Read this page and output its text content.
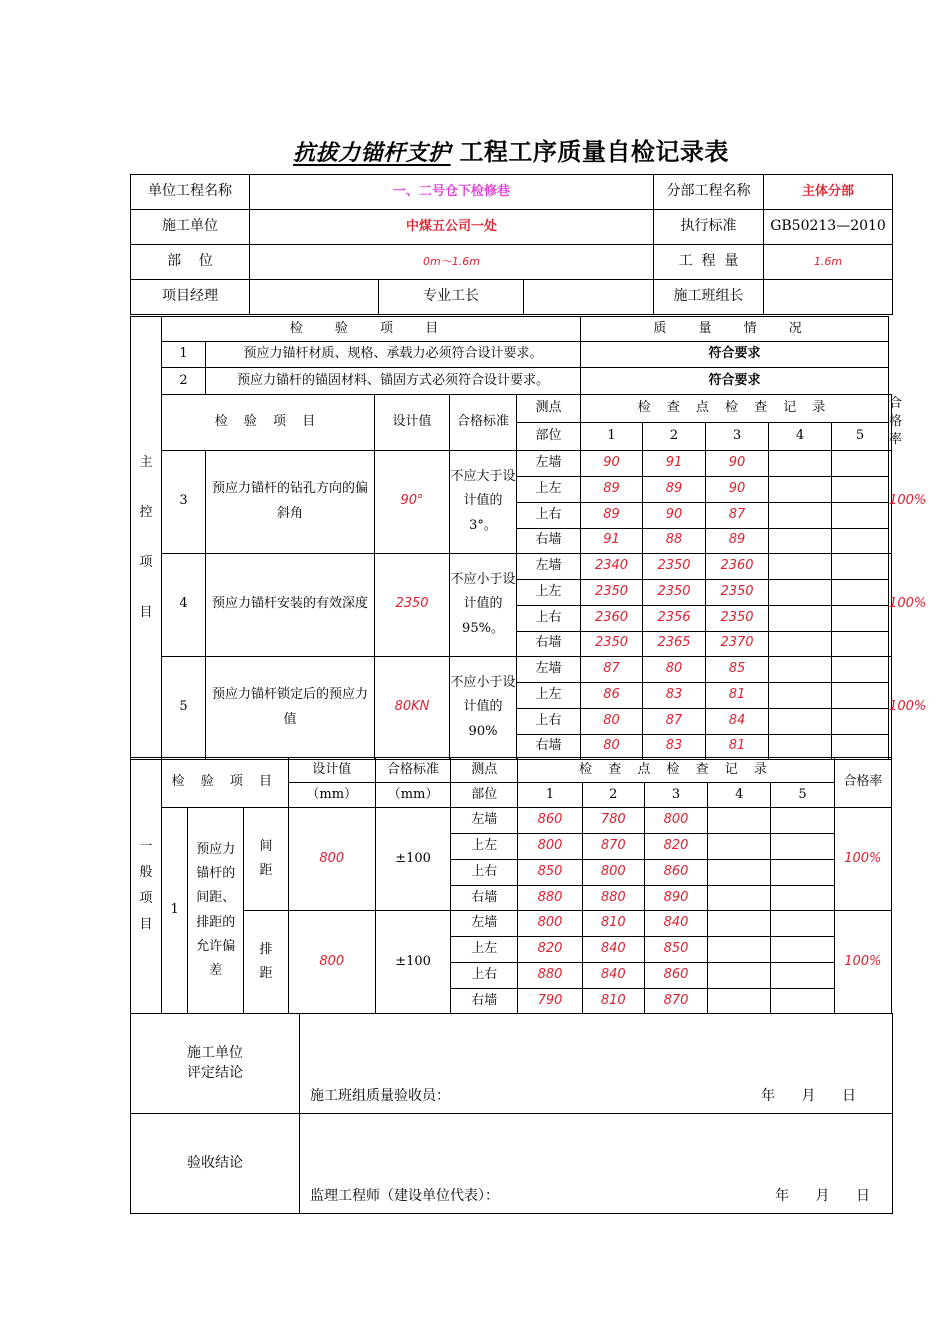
抗拔力锚杆支护 工程工序质量自检记录表
单位工程名称	一、二号仓下检修巷			分部工程名称	主体分部
施工单位	中煤五公司一处			执行标准	GB50213—2010
部    位	0m～1.6m			工  程  量	1.6m
项目经理		专业工长		施工班组长	
主
控
项
目	检 验 项 目					质 量 情 况					
	1	预应力锚杆材质、规格、承载力必须符合设计要求。				符合要求					
	2	预应力锚杆的锚固材料、锚固方式必须符合设计要求。				符合要求					
	检 验 项 目		设计值	合格标准	测点	检 查 点 检 查 记 录					合格率
					部位	1	2	3	4	5	
	3	预应力锚杆的钻孔方向的偏斜角	90°	不应大于设计值的3°。	左墙	90	91	90			100%
					上左	89	89	90			
					上右	89	90	87			
					右墙	91	88	89			
	4	预应力锚杆安装的有效深度	2350	不应小于设计值的95%。	左墙	2340	2350	2360			100%
					上左	2350	2350	2350			
					上右	2360	2356	2350			
					右墙	2350	2365	2370			
	5	预应力锚杆锁定后的预应力值	80KN	不应小于设计值的90%	左墙	87	80	85			100%
					上左	86	83	81			
					上右	80	87	84			
					右墙	80	83	81			
一
般
项
目	检 验 项 目			设计值	合格标准	测点	检 查 点 检 查 记 录					合格率
				（mm）	（mm）	部位	1	2	3	4	5	
	1	预应力锚杆的间距、排距的允许偏差	间距	800	±100	左墙	860	780	800			100%
						上左	800	870	820			
						上右	850	800	860			
						右墙	880	880	890			

			排距	800	±100	左墙	800	810	840			100%
						上左	820	840	850			
						上右	880	840	860			
						右墙	790	810	870			
施工单位
评定结论	施工班组质量验收员： 年 月 日

验收结论	监理工程师（建设单位代表）： 年 月 日
